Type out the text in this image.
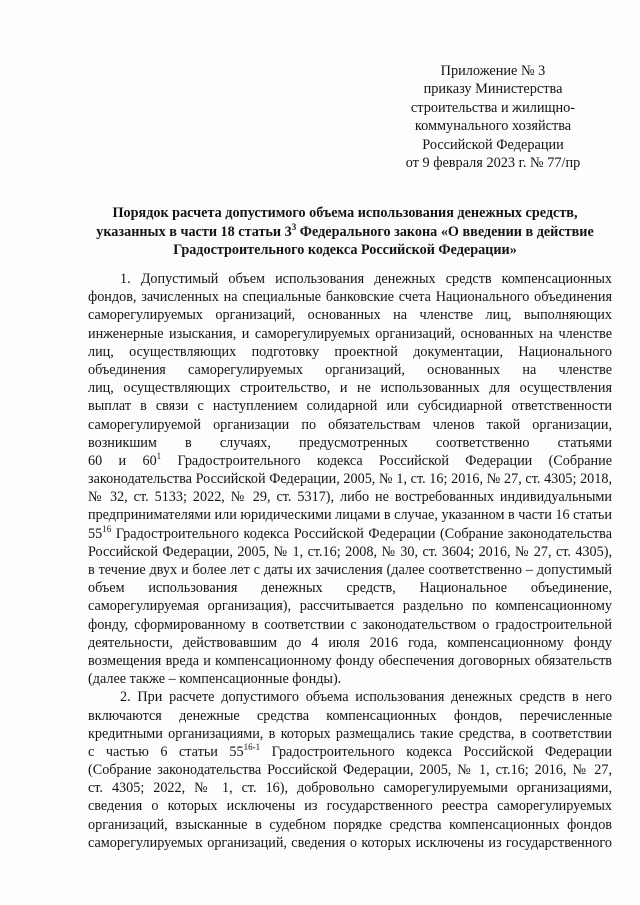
Приложение № 3
приказу Министерства
строительства и жилищно-
коммунального хозяйства
Российской Федерации
от 9 февраля 2023 г. № 77/пр
Порядок расчета допустимого объема использования денежных средств,
указанных в части 18 статьи $3^3$ Федерального закона «О введении в действие
Градостроительного кодекса Российской Федерации»
1. Допустимый объем использования денежных средств компенсационных
фондов, зачисленных на специальные банковские счета Национального объединения
саморегулируемых организаций, основанных на членстве лиц, выполняющих
инженерные изыскания, и саморегулируемых организаций, основанных на членстве
лиц, осуществляющих подготовку проектной документации, Национального
объединения саморегулируемых организаций, основанных на членстве
лиц, осуществляющих строительство, и не использованных для осуществления
выплат в связи с наступлением солидарной или субсидиарной ответственности
саморегулируемой организации по обязательствам членов такой организации,
возникшим в случаях, предусмотренных соответственно статьями
60 и $60^1$ Градостроительного кодекса Российской Федерации (Собрание
законодательства Российской Федерации, 2005, № 1, ст. 16; 2016, № 27, ст. 4305; 2018,
№ 32, ст. 5133; 2022, № 29, ст. 5317), либо не востребованных индивидуальными
предпринимателями или юридическими лицами в случае, указанном в части 16 статьи
$55^{16}$ Градостроительного кодекса Российской Федерации (Собрание законодательства
Российской Федерации, 2005, № 1, ст.16; 2008, № 30, ст. 3604; 2016, № 27, ст. 4305),
в течение двух и более лет с даты их зачисления (далее соответственно – допустимый
объем использования денежных средств, Национальное объединение,
саморегулируемая организация), рассчитывается раздельно по компенсационному
фонду, сформированному в соответствии с законодательством о градостроительной
деятельности, действовавшим до 4 июля 2016 года, компенсационному фонду
возмещения вреда и компенсационному фонду обеспечения договорных обязательств
(далее также – компенсационные фонды).
2. При расчете допустимого объема использования денежных средств в него
включаются денежные средства компенсационных фондов, перечисленные
кредитными организациями, в которых размещались такие средства, в соответствии
с частью 6 статьи 55$^{16-1}$ Градостроительного кодекса Российской Федерации
(Собрание законодательства Российской Федерации, 2005, № 1, ст.16; 2016, № 27,
ст. 4305; 2022, № 1, ст. 16), добровольно саморегулируемыми организациями,
сведения о которых исключены из государственного реестра саморегулируемых
организаций, взысканные в судебном порядке средства компенсационных фондов
саморегулируемых организаций, сведения о которых исключены из государственного
